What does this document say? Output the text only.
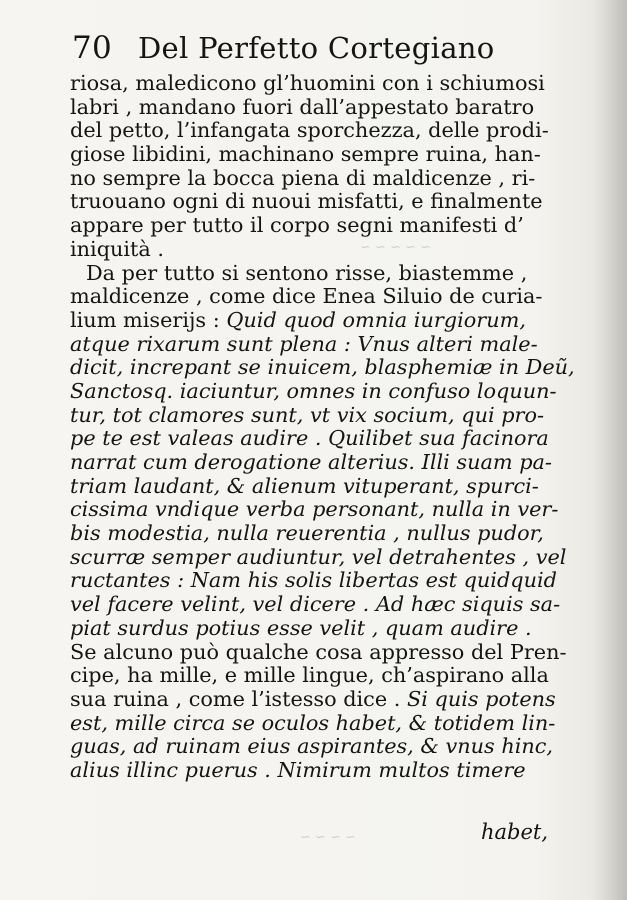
~ ~ ~ ~ ~
~ ~ ~ ~
70 Del Perfetto Cortegiano
riosa, maledicono gl’huomini con i schiumosi
labri , mandano fuori dall’appestato baratro
del petto, l’infangata sporchezza, delle prodi-
giose libidini, machinano sempre ruina, han-
no sempre la bocca piena di maldicenze , ri-
truouano ogni di nuoui misfatti, e finalmente
appare per tutto il corpo segni manifesti d’
iniquità .
Da per tutto si sentono risse, biastemme ,
maldicenze , come dice Enea Siluio de curia-
lium miserijs : Quid quod omnia iurgiorum,
atque rixarum sunt plena : Vnus alteri male-
dicit, increpant se inuicem, blasphemiæ in Deũ,
Sanctosq. iaciuntur, omnes in confuso loquun-
tur, tot clamores sunt, vt vix socium, qui pro-
pe te est valeas audire . Quilibet sua facinora
narrat cum derogatione alterius. Illi suam pa-
triam laudant, & alienum vituperant, spurci-
cissima vndique verba personant, nulla in ver-
bis modestia, nulla reuerentia , nullus pudor,
scurræ semper audiuntur, vel detrahentes , vel
ructantes : Nam his solis libertas est quidquid
vel facere velint, vel dicere . Ad hæc siquis sa-
piat surdus potius esse velit , quam audire .
Se alcuno può qualche cosa appresso del Pren-
cipe, ha mille, e mille lingue, ch’aspirano alla
sua ruina , come l’istesso dice . Si quis potens
est, mille circa se oculos habet, & totidem lin-
guas, ad ruinam eius aspirantes, & vnus hinc,
alius illinc puerus . Nimirum multos timere
habet,
